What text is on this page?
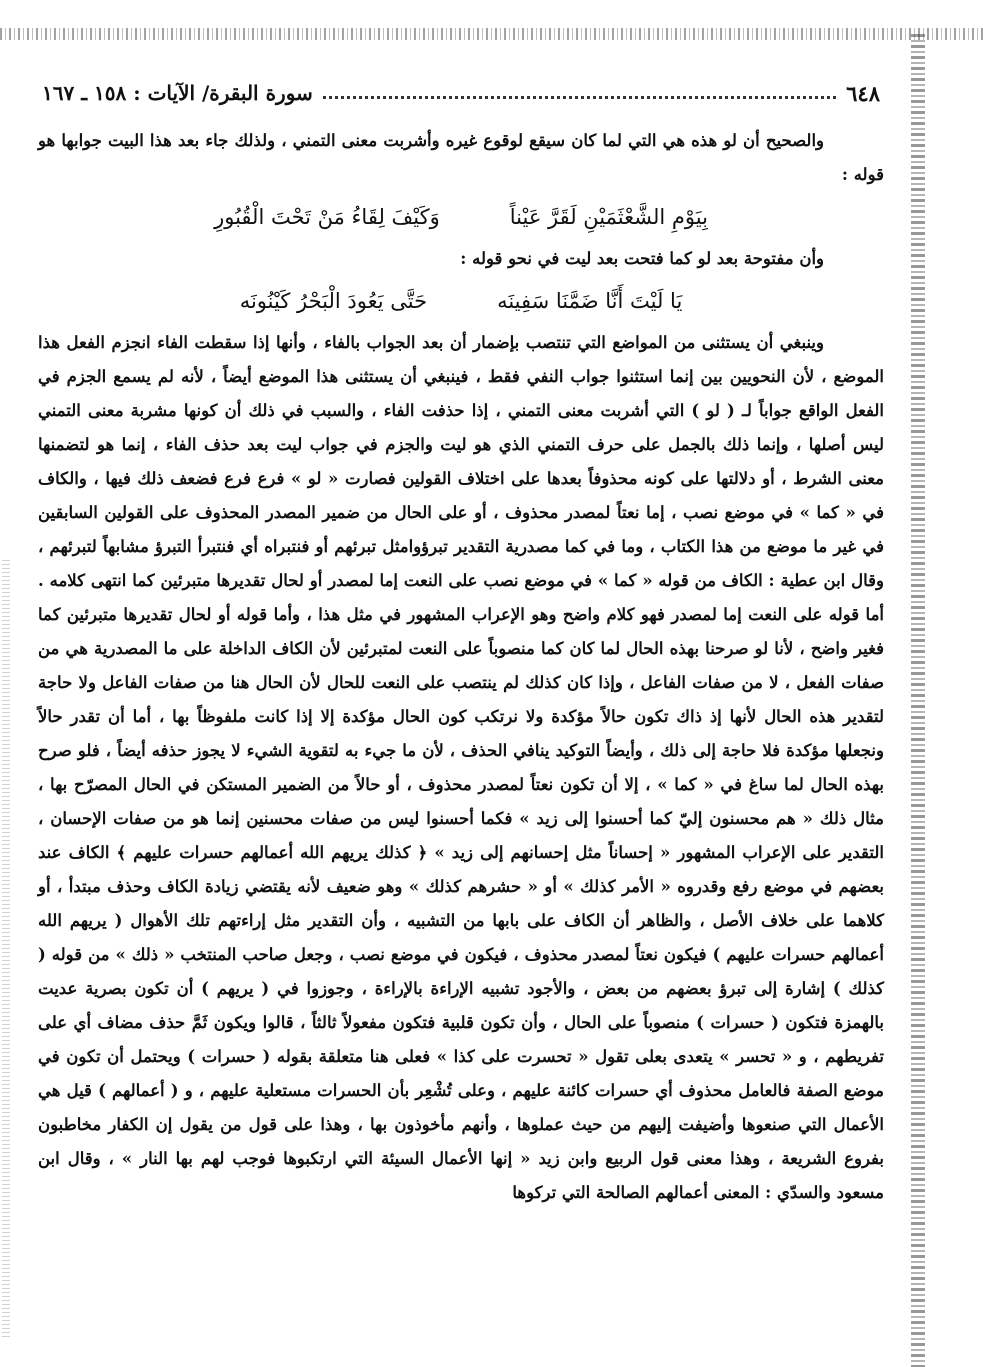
٦٤٨
سورة البقرة/ الآيات : ١٥٨ ـ ١٦٧

والصحيح أن لو هذه هي التي لما كان سيقع لوقوع غيره وأشربت معنى التمني ، ولذلك جاء بعد هذا البيت جوابها هو قوله :

بِيَوْمِ الشَّعْثَمَيْنِ لَقَرَّ عَيْناً
وَكَيْفَ لِقَاءُ مَنْ تَحْتَ الْقُبُورِ

وأن مفتوحة بعد لو كما فتحت بعد ليت في نحو قوله :

يَا لَيْتَ أَنَّا ضَمَّنَا سَفِينَه
حَتَّى يَعُودَ الْبَحْرُ كَيْنُونَه

وينبغي أن يستثنى من المواضع التي تنتصب بإضمار أن بعد الجواب بالفاء ، وأنها إذا سقطت الفاء انجزم الفعل هذا الموضع ، لأن النحويين بين إنما استثنوا جواب النفي فقط ، فينبغي أن يستثنى هذا الموضع أيضاً ، لأنه لم يسمع الجزم في الفعل الواقع جواباً لـ ( لو ) التي أشربت معنى التمني ، إذا حذفت الفاء ، والسبب في ذلك أن كونها مشربة معنى التمني ليس أصلها ، وإنما ذلك بالجمل على حرف التمني الذي هو ليت والجزم في جواب ليت بعد حذف الفاء ، إنما هو لتضمنها معنى الشرط ، أو دلالتها على كونه محذوفاً بعدها على اختلاف القولين فصارت « لو » فرع فرع فضعف ذلك فيها ، والكاف في « كما » في موضع نصب ، إما نعتاً لمصدر محذوف ، أو على الحال من ضمير المصدر المحذوف على القولين السابقين في غير ما موضع من هذا الكتاب ، وما في كما مصدرية التقدير تبرؤوامثل تبرئهم أو فنتبراه أي فنتبرأ التبرؤ مشابهاً لتبرئهم ، وقال ابن عطية : الكاف من قوله « كما » في موضع نصب على النعت إما لمصدر أو لحال تقديرها متبرئين كما انتهى كلامه . أما قوله على النعت إما لمصدر فهو كلام واضح وهو الإعراب المشهور في مثل هذا ، وأما قوله أو لحال تقديرها متبرئين كما فغير واضح ، لأنا لو صرحنا بهذه الحال لما كان كما منصوباً على النعت لمتبرئين لأن الكاف الداخلة على ما المصدرية هي من صفات الفعل ، لا من صفات الفاعل ، وإذا كان كذلك لم ينتصب على النعت للحال لأن الحال هنا من صفات الفاعل ولا حاجة لتقدير هذه الحال لأنها إذ ذاك تكون حالاً مؤكدة ولا نرتكب كون الحال مؤكدة إلا إذا كانت ملفوظاً بها ، أما أن تقدر حالاً ونجعلها مؤكدة فلا حاجة إلى ذلك ، وأيضاً التوكيد ينافي الحذف ، لأن ما جيء به لتقوية الشيء لا يجوز حذفه أيضاً ، فلو صرح بهذه الحال لما ساغ في « كما » ، إلا أن تكون نعتاً لمصدر محذوف ، أو حالاً من الضمير المستكن في الحال المصرّح بها ، مثال ذلك « هم محسنون إليّ كما أحسنوا إلى زيد » فكما أحسنوا ليس من صفات محسنين إنما هو من صفات الإحسان ، التقدير على الإعراب المشهور « إحساناً مثل إحسانهم إلى زيد » ﴿ كذلك يريهم الله أعمالهم حسرات عليهم ﴾ الكاف عند بعضهم في موضع رفع وقدروه « الأمر كذلك » أو « حشرهم كذلك » وهو ضعيف لأنه يقتضي زيادة الكاف وحذف مبتدأ ، أو كلاهما على خلاف الأصل ، والظاهر أن الكاف على بابها من التشبيه ، وأن التقدير مثل إراءتهم تلك الأهوال ( يريهم الله أعمالهم حسرات عليهم ) فيكون نعتاً لمصدر محذوف ، فيكون في موضع نصب ، وجعل صاحب المنتخب « ذلك » من قوله ( كذلك ) إشارة إلى تبرؤ بعضهم من بعض ، والأجود تشبيه الإراءة بالإراءة ، وجوزوا في ( يريهم ) أن تكون بصرية عديت بالهمزة فتكون ( حسرات ) منصوباً على الحال ، وأن تكون قلبية فتكون مفعولاً ثالثاً ، قالوا ويكون ثَمَّ حذف مضاف أي على تفريطهم ، و « تحسر » يتعدى بعلى تقول « تحسرت على كذا » فعلى هنا متعلقة بقوله ( حسرات ) ويحتمل أن تكون في موضع الصفة فالعامل محذوف أي حسرات كائنة عليهم ، وعلى تُشْعِر بأن الحسرات مستعلية عليهم ، و ( أعمالهم ) قيل هي الأعمال التي صنعوها وأضيفت إليهم من حيث عملوها ، وأنهم مأخوذون بها ، وهذا على قول من يقول إن الكفار مخاطبون بفروع الشريعة ، وهذا معنى قول الربيع وابن زيد « إنها الأعمال السيئة التي ارتكبوها فوجب لهم بها النار » ، وقال ابن مسعود والسدّي : المعنى أعمالهم الصالحة التي تركوها
